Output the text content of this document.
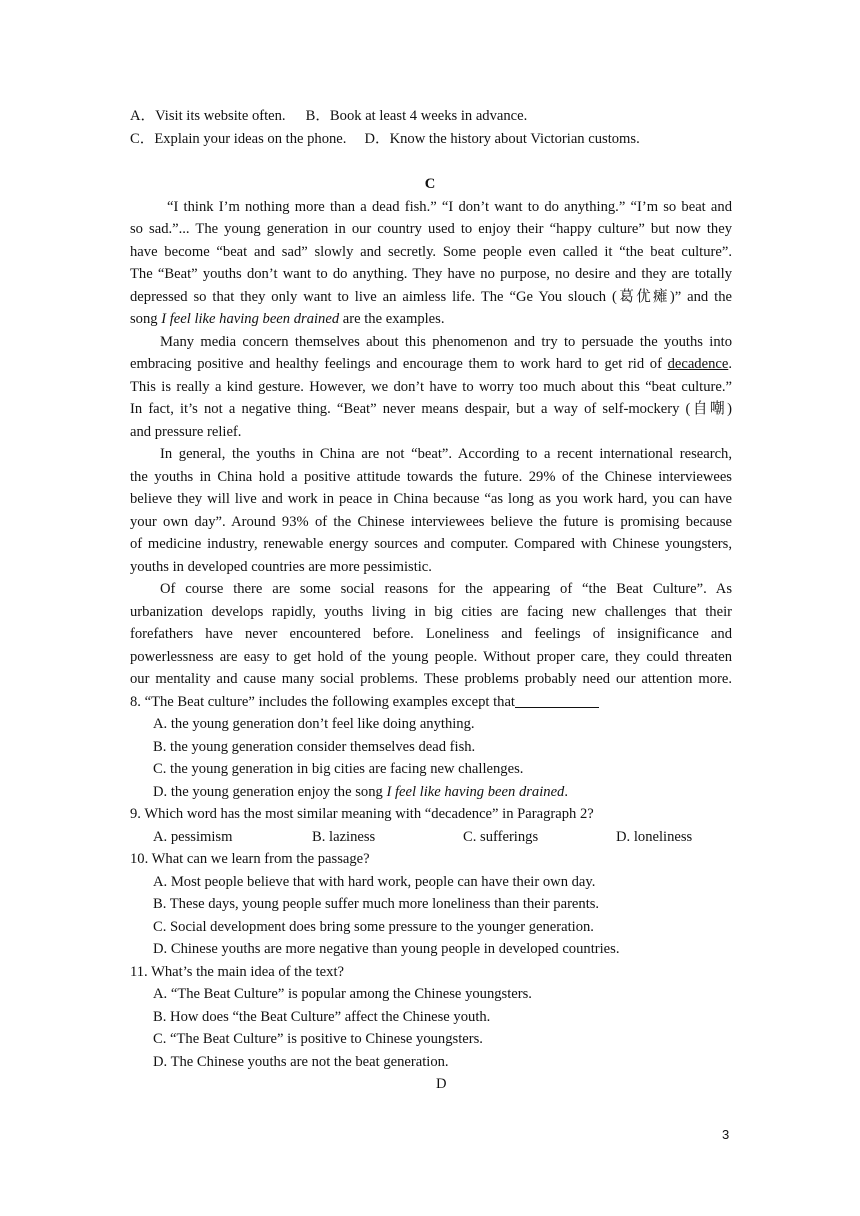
A．Visit its website often. B．Book at least 4 weeks in advance.
C．Explain your ideas on the phone. D．Know the history about Victorian customs.
C
“I think I’m nothing more than a dead fish.” “I don’t want to do anything.” “I’m so beat and
so sad.”... The young generation in our country used to enjoy their “happy culture” but now they
have become “beat and sad” slowly and secretly. Some people even called it “the beat culture”.
The “Beat” youths don’t want to do anything. They have no purpose, no desire and they are totally
depressed so that they only want to live an aimless life. The “Ge You slouch (葛优瘫)” and the
song I feel like having been drained are the examples.
Many media concern themselves about this phenomenon and try to persuade the youths into
embracing positive and healthy feelings and encourage them to work hard to get rid of decadence.
This is really a kind gesture. However, we don’t have to worry too much about this “beat culture.”
In fact, it’s not a negative thing. “Beat” never means despair, but a way of self-mockery (自嘲)
and pressure relief.
In general, the youths in China are not “beat”. According to a recent international research,
the youths in China hold a positive attitude towards the future. 29% of the Chinese interviewees
believe they will live and work in peace in China because “as long as you work hard, you can have
your own day”. Around 93% of the Chinese interviewees believe the future is promising because
of medicine industry, renewable energy sources and computer. Compared with Chinese youngsters,
youths in developed countries are more pessimistic.
Of course there are some social reasons for the appearing of “the Beat Culture”. As
urbanization develops rapidly, youths living in big cities are facing new challenges that their
forefathers have never encountered before. Loneliness and feelings of insignificance and
powerlessness are easy to get hold of the young people. Without proper care, they could threaten
our mentality and cause many social problems. These problems probably need our attention more.
8. “The Beat culture” includes the following examples except that
A. the young generation don’t feel like doing anything.
B. the young generation consider themselves dead fish.
C. the young generation in big cities are facing new challenges.
D. the young generation enjoy the song I feel like having been drained.
9. Which word has the most similar meaning with “decadence” in Paragraph 2?
A. pessimism	B. laziness	C. sufferings	D. loneliness
10. What can we learn from the passage?
A. Most people believe that with hard work, people can have their own day.
B. These days, young people suffer much more loneliness than their parents.
C. Social development does bring some pressure to the younger generation.
D. Chinese youths are more negative than young people in developed countries.
11. What’s the main idea of the text?
A. “The Beat Culture” is popular among the Chinese youngsters.
B. How does “the Beat Culture” affect the Chinese youth.
C. “The Beat Culture” is positive to Chinese youngsters.
D. The Chinese youths are not the beat generation.
D
3
